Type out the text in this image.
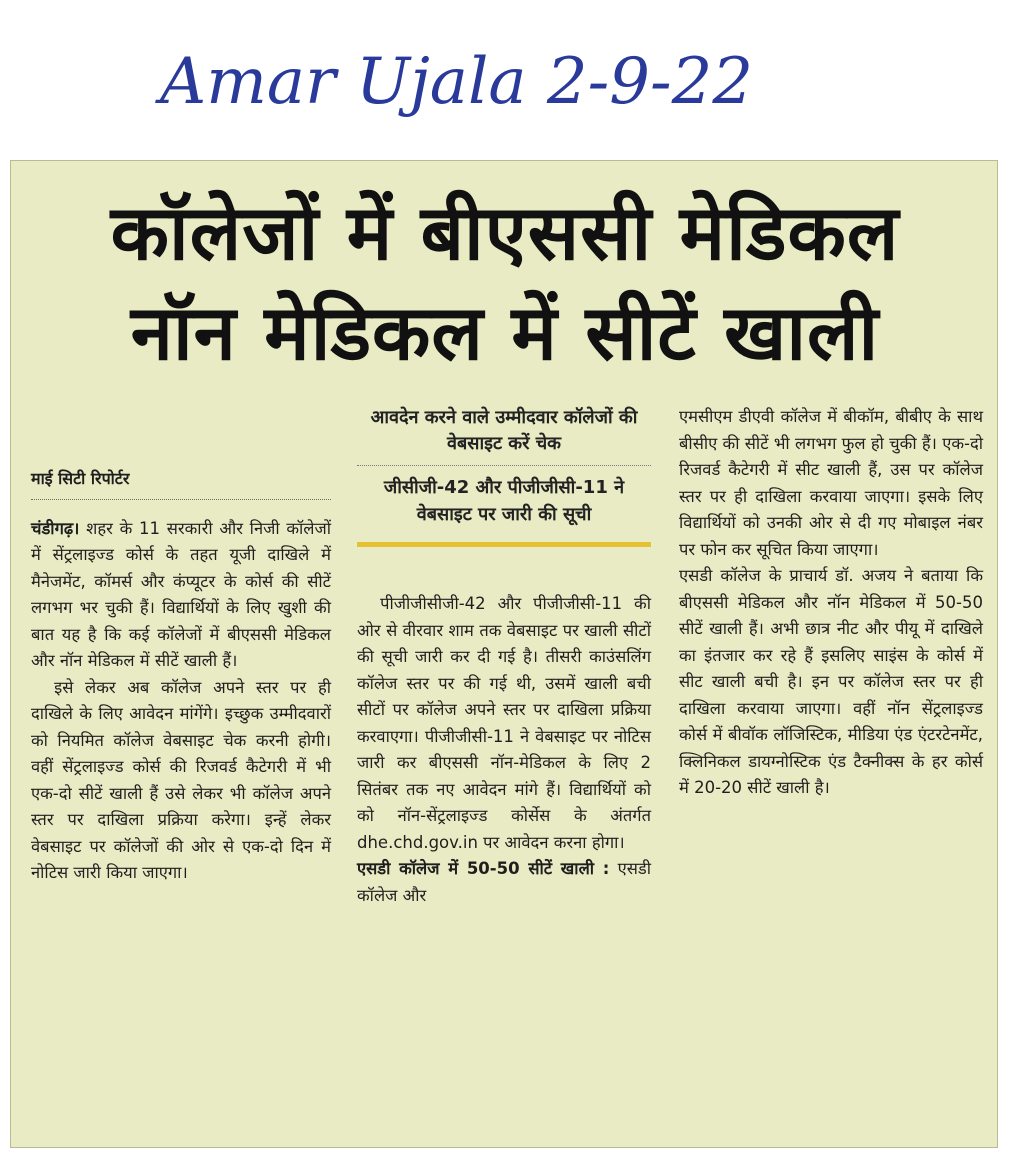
Amar Ujala 2-9-22
कॉलेजों में बीएससी मेडिकल
नॉन मेडिकल में सीटें खाली
माई सिटी रिपोर्टर

चंडीगढ़। शहर के 11 सरकारी और निजी कॉलेजों में सेंट्रलाइज्ड कोर्स के तहत यूजी दाखिले में मैनेजमेंट, कॉमर्स और कंप्यूटर के कोर्स की सीटें लगभग भर चुकी हैं। विद्यार्थियों के लिए खुशी की बात यह है कि कई कॉलेजों में बीएससी मेडिकल और नॉन मेडिकल में सीटें खाली हैं।

इसे लेकर अब कॉलेज अपने स्तर पर ही दाखिले के लिए आवेदन मांगेंगे। इच्छुक उम्मीदवारों को नियमित कॉलेज वेबसाइट चेक करनी होगी। वहीं सेंट्रलाइज्ड कोर्स की रिजवर्ड कैटेगरी में भी एक-दो सीटें खाली हैं उसे लेकर भी कॉलेज अपने स्तर पर दाखिला प्रक्रिया करेगा। इन्हें लेकर वेबसाइट पर कॉलेजों की ओर से एक-दो दिन में नोटिस जारी किया जाएगा।

आवदेन करने वाले उम्मीदवार कॉलेजों की वेबसाइट करें चेक
जीसीजी-42 और पीजीजीसी-11 ने वेबसाइट पर जारी की सूची

पीजीजीसीजी-42 और पीजीजीसी-11 की ओर से वीरवार शाम तक वेबसाइट पर खाली सीटों की सूची जारी कर दी गई है। तीसरी काउंसलिंग कॉलेज स्तर पर की गई थी, उसमें खाली बची सीटों पर कॉलेज अपने स्तर पर दाखिला प्रक्रिया करवाएगा। पीजीजीसी-11 ने वेबसाइट पर नोटिस जारी कर बीएससी नॉन-मेडिकल के लिए 2 सितंबर तक नए आवेदन मांगे हैं। विद्यार्थियों को को नॉन-सेंट्रलाइज्ड कोर्सेस के अंतर्गत dhe.chd.gov.in पर आवेदन करना होगा।

एसडी कॉलेज में 50-50 सीटें खाली : एसडी कॉलेज और

एमसीएम डीएवी कॉलेज में बीकॉम, बीबीए के साथ बीसीए की सीटें भी लगभग फुल हो चुकी हैं। एक-दो रिजवर्ड कैटेगरी में सीट खाली हैं, उस पर कॉलेज स्तर पर ही दाखिला करवाया जाएगा। इसके लिए विद्यार्थियों को उनकी ओर से दी गए मोबाइल नंबर पर फोन कर सूचित किया जाएगा।

एसडी कॉलेज के प्राचार्य डॉ. अजय ने बताया कि बीएससी मेडिकल और नॉन मेडिकल में 50-50 सीटें खाली हैं। अभी छात्र नीट और पीयू में दाखिले का इंतजार कर रहे हैं इसलिए साइंस के कोर्स में सीट खाली बची है। इन पर कॉलेज स्तर पर ही दाखिला करवाया जाएगा। वहीं नॉन सेंट्रलाइज्ड कोर्स में बीवॉक लॉजिस्टिक, मीडिया एंड एंटरटेनमेंट, क्लिनिकल डायग्नोस्टिक एंड टैक्नीक्स के हर कोर्स में 20-20 सीटें खाली है।
